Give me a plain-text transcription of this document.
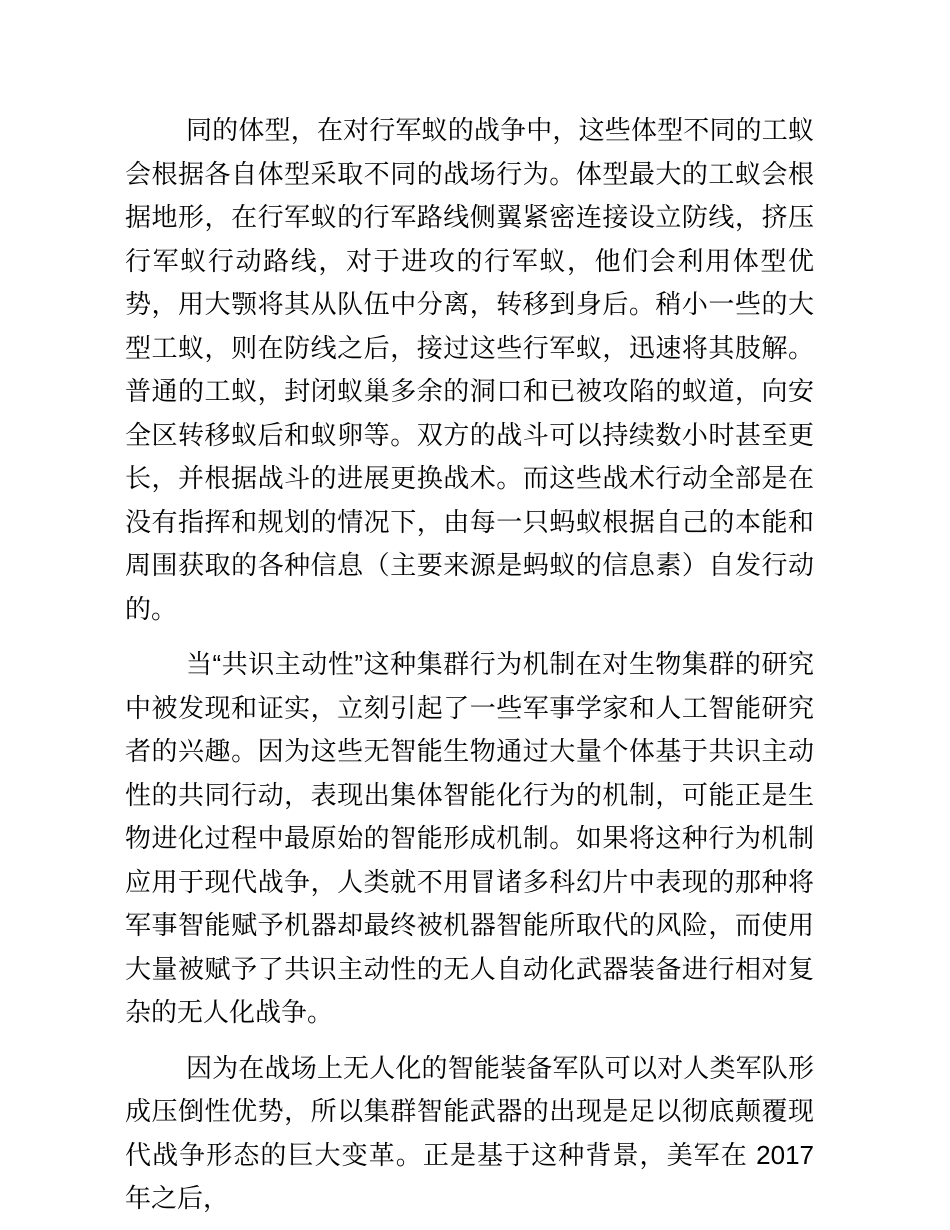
同的体型，在对行军蚁的战争中，这些体型不同的工蚁会根据各自体型采取不同的战场行为。体型最大的工蚁会根据地形，在行军蚁的行军路线侧翼紧密连接设立防线，挤压行军蚁行动路线，对于进攻的行军蚁，他们会利用体型优势，用大颚将其从队伍中分离，转移到身后。稍小一些的大型工蚁，则在防线之后，接过这些行军蚁，迅速将其肢解。普通的工蚁，封闭蚁巢多余的洞口和已被攻陷的蚁道，向安全区转移蚁后和蚁卵等。双方的战斗可以持续数小时甚至更长，并根据战斗的进展更换战术。而这些战术行动全部是在没有指挥和规划的情况下，由每一只蚂蚁根据自己的本能和周围获取的各种信息（主要来源是蚂蚁的信息素）自发行动的。

当“共识主动性”这种集群行为机制在对生物集群的研究中被发现和证实，立刻引起了一些军事学家和人工智能研究者的兴趣。因为这些无智能生物通过大量个体基于共识主动性的共同行动，表现出集体智能化行为的机制，可能正是生物进化过程中最原始的智能形成机制。如果将这种行为机制应用于现代战争，人类就不用冒诸多科幻片中表现的那种将军事智能赋予机器却最终被机器智能所取代的风险，而使用大量被赋予了共识主动性的无人自动化武器装备进行相对复杂的无人化战争。

因为在战场上无人化的智能装备军队可以对人类军队形成压倒性优势，所以集群智能武器的出现是足以彻底颠覆现代战争形态的巨大变革。正是基于这种背景，美军在 2017 年之后，
